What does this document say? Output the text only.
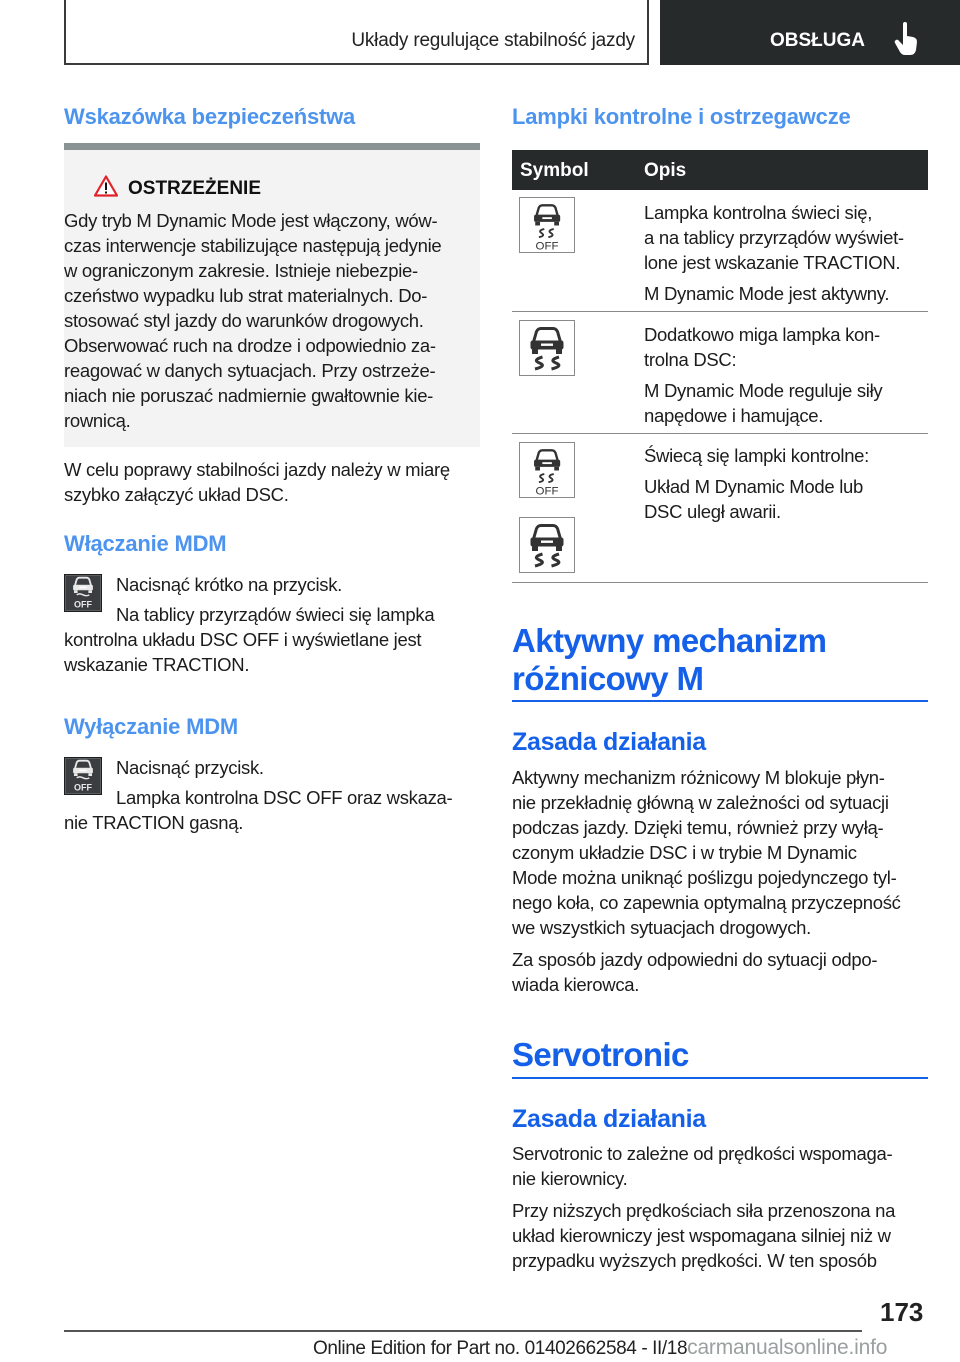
Układy regulujące stabilność jazdy	OBSŁUGA
Wskazówka bezpieczeństwa
OSTRZEŻENIE
Gdy tryb M Dynamic Mode jest włączony, wów-
czas interwencje stabilizujące następują jedynie
w ograniczonym zakresie. Istnieje niebezpie-
czeństwo wypadku lub strat materialnych. Do-
stosować styl jazdy do warunków drogowych.
Obserwować ruch na drodze i odpowiednio za-
reagować w danych sytuacjach. Przy ostrzeże-
niach nie poruszać nadmiernie gwałtownie kie-
rownicą.
W celu poprawy stabilności jazdy należy w miarę
szybko załączyć układ DSC.
Włączanie MDM
OFF
Nacisnąć krótko na przycisk.
Na tablicy przyrządów świeci się lampka
kontrolna układu DSC OFF i wyświetlane jest
wskazanie TRACTION.
Wyłączanie MDM
OFF
Nacisnąć przycisk.
Lampka kontrolna DSC OFF oraz wskaza-
nie TRACTION gasną.
Lampki kontrolne i ostrzegawcze
Symbol	Opis
OFF
Lampka kontrolna świeci się,
a na tablicy przyrządów wyświet-
lone jest wskazanie TRACTION.
M Dynamic Mode jest aktywny.
Dodatkowo miga lampka kon-
trolna DSC:
M Dynamic Mode reguluje siły
napędowe i hamujące.
OFF
Świecą się lampki kontrolne:
Układ M Dynamic Mode lub
DSC uległ awarii.
Aktywny mechanizm
różnicowy M
Zasada działania
Aktywny mechanizm różnicowy M blokuje płyn-
nie przekładnię główną w zależności od sytuacji
podczas jazdy. Dzięki temu, również przy wyłą-
czonym układzie DSC i w trybie M Dynamic
Mode można uniknąć poślizgu pojedynczego tyl-
nego koła, co zapewnia optymalną przyczepność
we wszystkich sytuacjach drogowych.
Za sposób jazdy odpowiedni do sytuacji odpo-
wiada kierowca.
Servotronic
Zasada działania
Servotronic to zależne od prędkości wspomaga-
nie kierownicy.
Przy niższych prędkościach siła przenoszona na
układ kierowniczy jest wspomagana silniej niż w
przypadku wyższych prędkości. W ten sposób
173
Online Edition for Part no. 01402662584 - II/18carmanualsonline.info
